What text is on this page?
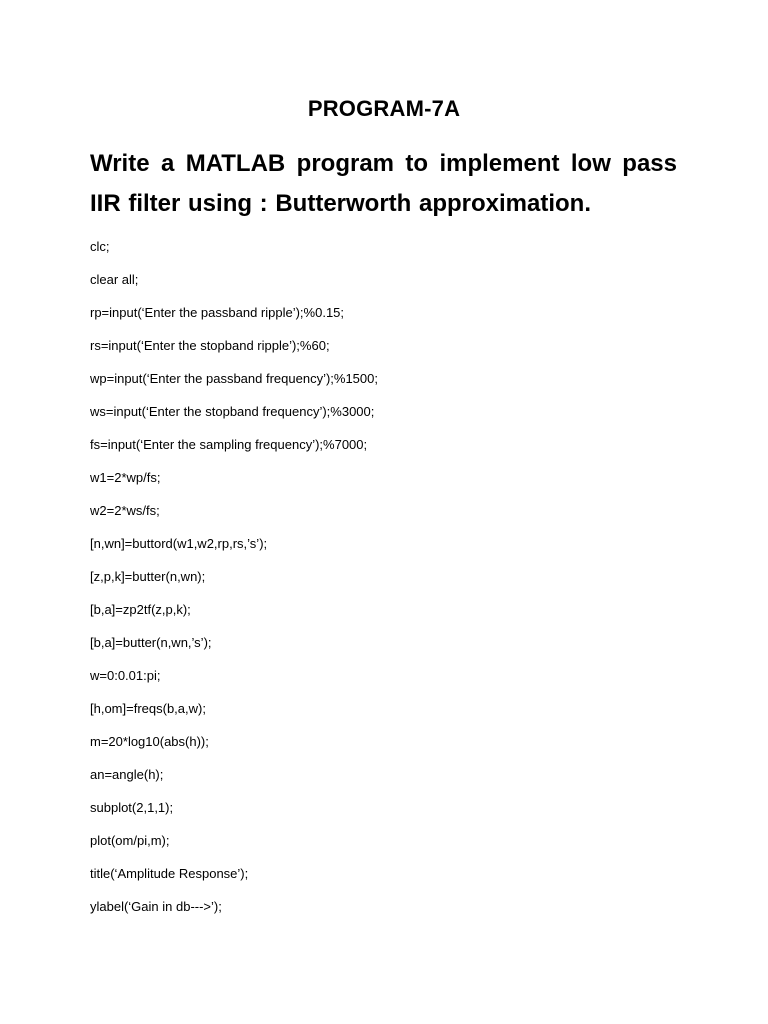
PROGRAM-7A
Write a MATLAB program to implement low pass IIR filter using : Butterworth approximation.
clc;
clear all;
rp=input(‘Enter the passband ripple’);%0.15;
rs=input(‘Enter the stopband ripple’);%60;
wp=input(‘Enter the passband frequency’);%1500;
ws=input(‘Enter the stopband frequency’);%3000;
fs=input(‘Enter the sampling frequency’);%7000;
w1=2*wp/fs;
w2=2*ws/fs;
[n,wn]=buttord(w1,w2,rp,rs,’s’);
[z,p,k]=butter(n,wn);
[b,a]=zp2tf(z,p,k);
[b,a]=butter(n,wn,’s’);
w=0:0.01:pi;
[h,om]=freqs(b,a,w);
m=20*log10(abs(h));
an=angle(h);
subplot(2,1,1);
plot(om/pi,m);
title(‘Amplitude Response’);
ylabel(‘Gain in db--->’);
